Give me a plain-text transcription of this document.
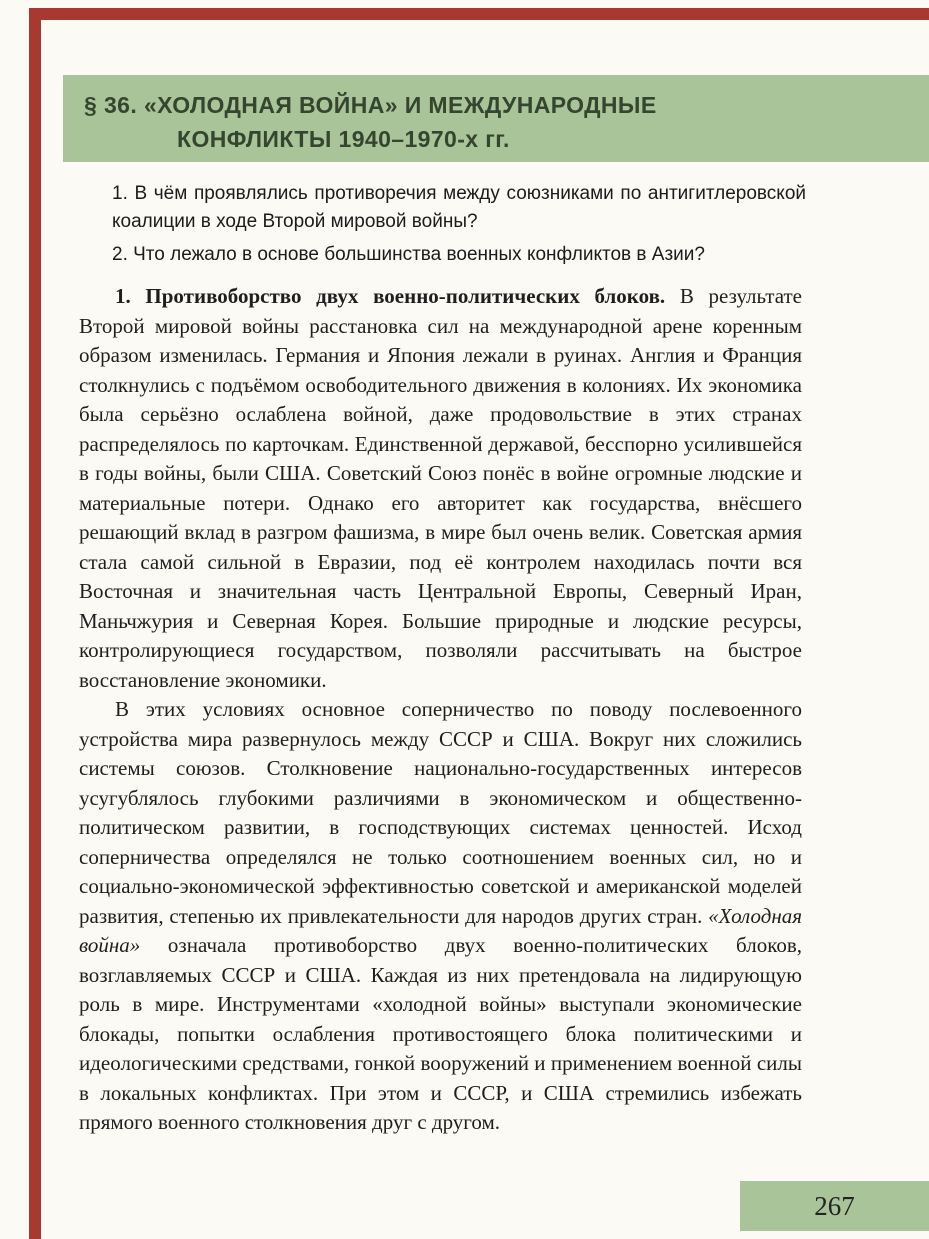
§ 36. «ХОЛОДНАЯ ВОЙНА» И МЕЖДУНАРОДНЫЕ
КОНФЛИКТЫ 1940–1970-х гг.

1. В чём проявлялись противоречия между союзниками по антигитлеровской коалиции в ходе Второй мировой войны?

2. Что лежало в основе большинства военных конфликтов в Азии?

1. Противоборство двух военно-политических блоков. В результате Второй мировой войны расстановка сил на международной арене коренным образом изменилась. Германия и Япония лежали в руинах. Англия и Франция столкнулись с подъёмом освободительного движения в колониях. Их экономика была серьёзно ослаблена войной, даже продовольствие в этих странах распределялось по карточкам. Единственной державой, бесспорно усилившейся в годы войны, были США. Советский Союз понёс в войне огромные людские и материальные потери. Однако его авторитет как государства, внёсшего решающий вклад в разгром фашизма, в мире был очень велик. Советская армия стала самой сильной в Евразии, под её контролем находилась почти вся Восточная и значительная часть Центральной Европы, Северный Иран, Маньчжурия и Северная Корея. Большие природные и людские ресурсы, контролирующиеся государством, позволяли рассчитывать на быстрое восстановление экономики.

В этих условиях основное соперничество по поводу послевоенного устройства мира развернулось между СССР и США. Вокруг них сложились системы союзов. Столкновение национально-государственных интересов усугублялось глубокими различиями в экономическом и общественно-политическом развитии, в господствующих системах ценностей. Исход соперничества определялся не только соотношением военных сил, но и социально-экономической эффективностью советской и американской моделей развития, степенью их привлекательности для народов других стран. «Холодная война» означала противоборство двух военно-политических блоков, возглавляемых СССР и США. Каждая из них претендовала на лидирующую роль в мире. Инструментами «холодной войны» выступали экономические блокады, попытки ослабления противостоящего блока политическими и идеологическими средствами, гонкой вооружений и применением военной силы в локальных конфликтах. При этом и СССР, и США стремились избежать прямого военного столкновения друг с другом.

267
